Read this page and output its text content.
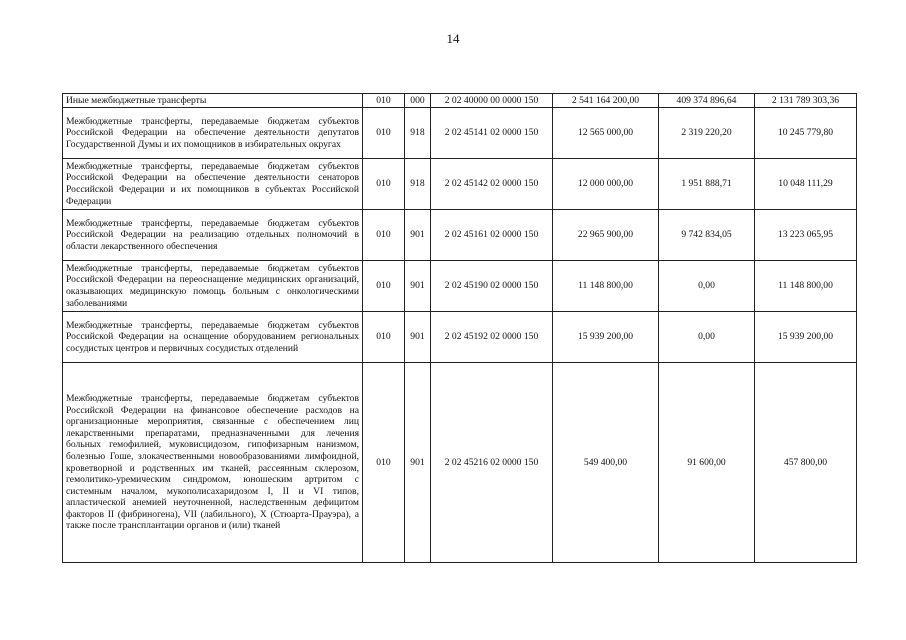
14
Иные межбюджетные трансферты	010	000	2 02 40000 00 0000 150	2 541 164 200,00	409 374 896,64	2 131 789 303,36
Межбюджетные трансферты, передаваемые бюджетам субъектов Российской Федерации на обеспечение деятельности депутатов Государственной Думы и их помощников в избирательных округах	010	918	2 02 45141 02 0000 150	12 565 000,00	2 319 220,20	10 245 779,80
Межбюджетные трансферты, передаваемые бюджетам субъектов Российской Федерации на обеспечение деятельности сенаторов Российской Федерации и их помощников в субъектах Российской Федерации	010	918	2 02 45142 02 0000 150	12 000 000,00	1 951 888,71	10 048 111,29
Межбюджетные трансферты, передаваемые бюджетам субъектов Российской Федерации на реализацию отдельных полномочий в области лекарственного обеспечения	010	901	2 02 45161 02 0000 150	22 965 900,00	9 742 834,05	13 223 065,95
Межбюджетные трансферты, передаваемые бюджетам субъектов Российской Федерации на переоснащение медицинских организаций, оказывающих медицинскую помощь больным с онкологическими заболеваниями	010	901	2 02 45190 02 0000 150	11 148 800,00	0,00	11 148 800,00
Межбюджетные трансферты, передаваемые бюджетам субъектов Российской Федерации на оснащение оборудованием региональных сосудистых центров и первичных сосудистых отделений	010	901	2 02 45192 02 0000 150	15 939 200,00	0,00	15 939 200,00
Межбюджетные трансферты, передаваемые бюджетам субъектов Российской Федерации на финансовое обеспечение расходов на организационные мероприятия, связанные с обеспечением лиц лекарственными препаратами, предназначенными для лечения больных гемофилией, муковисцидозом, гипофизарным нанизмом, болезнью Гоше, злокачественными новообразованиями лимфоидной, кроветворной и родственных им тканей, рассеянным склерозом, гемолитико-уремическим синдромом, юношеским артритом с системным началом, мукополисахаридозом I, II и VI типов, апластической анемией неуточненной, наследственным дефицитом факторов II (фибриногена), VII (лабильного), X (Стюарта-Прауэра), а также после трансплантации органов и (или) тканей	010	901	2 02 45216 02 0000 150	549 400,00	91 600,00	457 800,00
